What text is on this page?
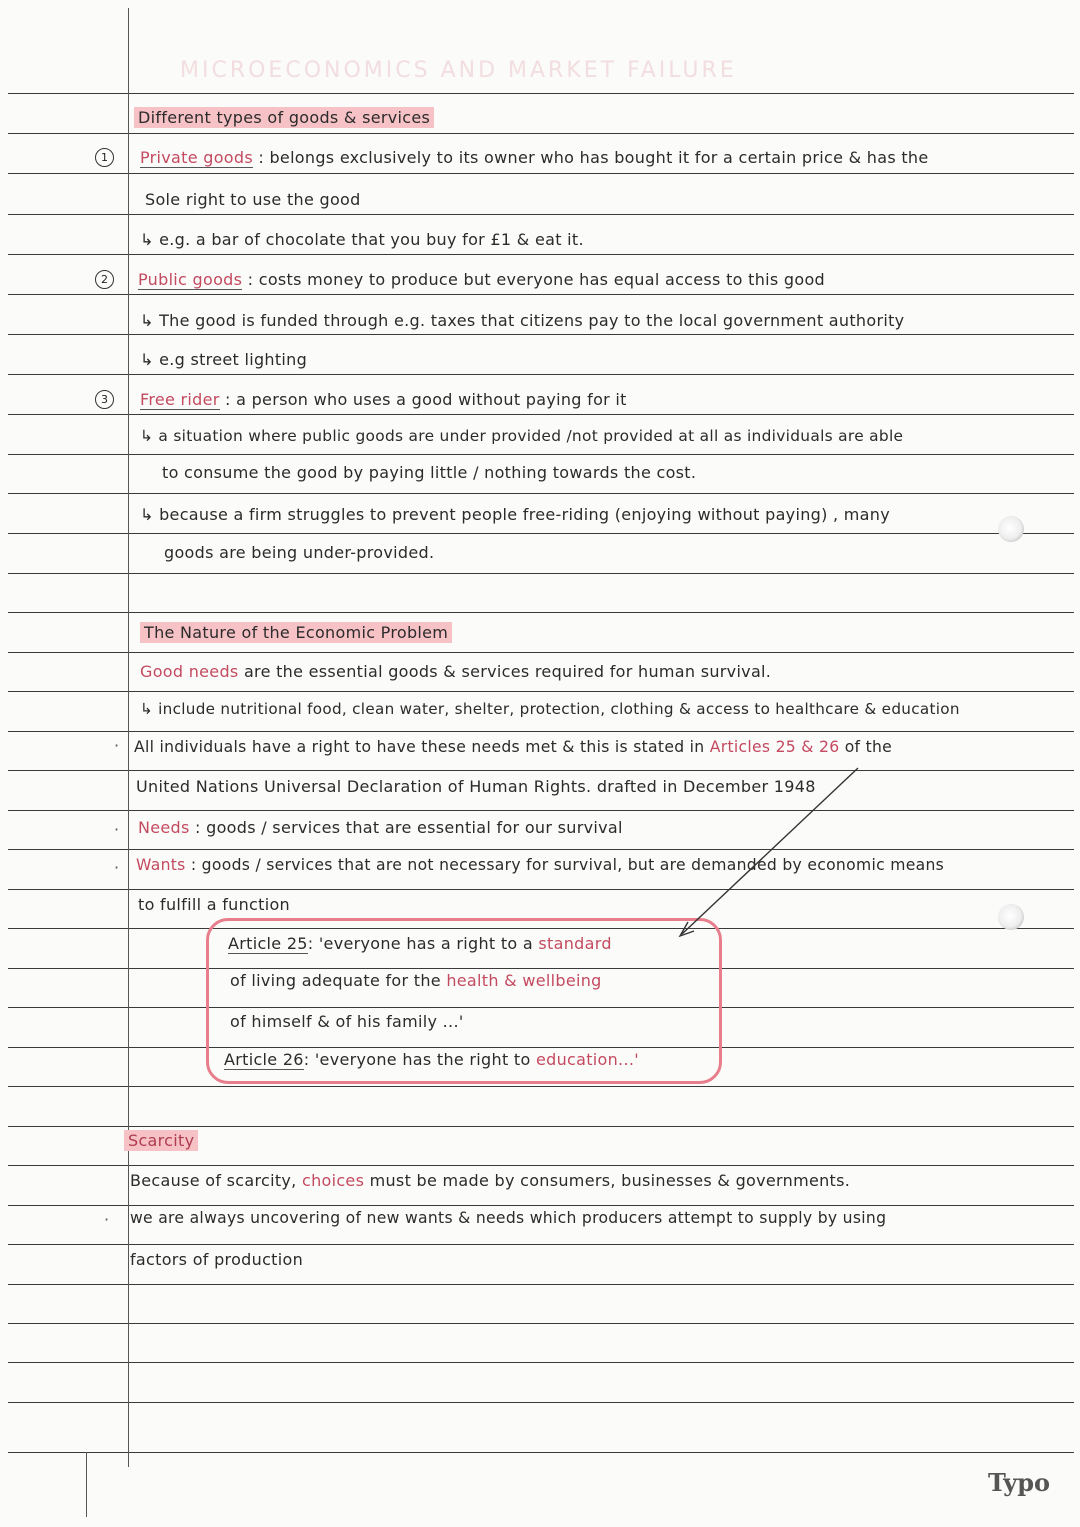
MICROECONOMICS AND MARKET FAILURE
Different types of goods & services
1	Private goods : belongs exclusively to its owner who has bought it for a certain price & has the
Sole right to use the good
↳ e.g. a bar of chocolate that you buy for £1 & eat it.
2	Public goods : costs money to produce but everyone has equal access to this good
↳ The good is funded through e.g. taxes that citizens pay to the local government authority
↳ e.g street lighting
3	Free rider : a person who uses a good without paying for it
↳ a situation where public goods are under provided /not provided at all as individuals are able
to consume the good by paying little / nothing towards the cost.
↳ because a firm struggles to prevent people free-riding (enjoying without paying) , many
goods are being under-provided.
The Nature of the Economic Problem
Good needs are the essential goods & services required for human survival.
↳ include nutritional food, clean water, shelter, protection, clothing & access to healthcare & education
· All individuals have a right to have these needs met & this is stated in Articles 25 & 26 of the
United Nations Universal Declaration of Human Rights. drafted in December 1948
· Needs : goods / services that are essential for our survival
· Wants : goods / services that are not necessary for survival, but are demanded by economic means
to fulfill a function
Article 25: 'everyone has a right to a standard
of living adequate for the health & wellbeing
of himself & of his family ...'
Article 26: 'everyone has the right to education...'
Scarcity
Because of scarcity, choices must be made by consumers, businesses & governments.
· we are always uncovering of new wants & needs which producers attempt to supply by using
factors of production
Typo
